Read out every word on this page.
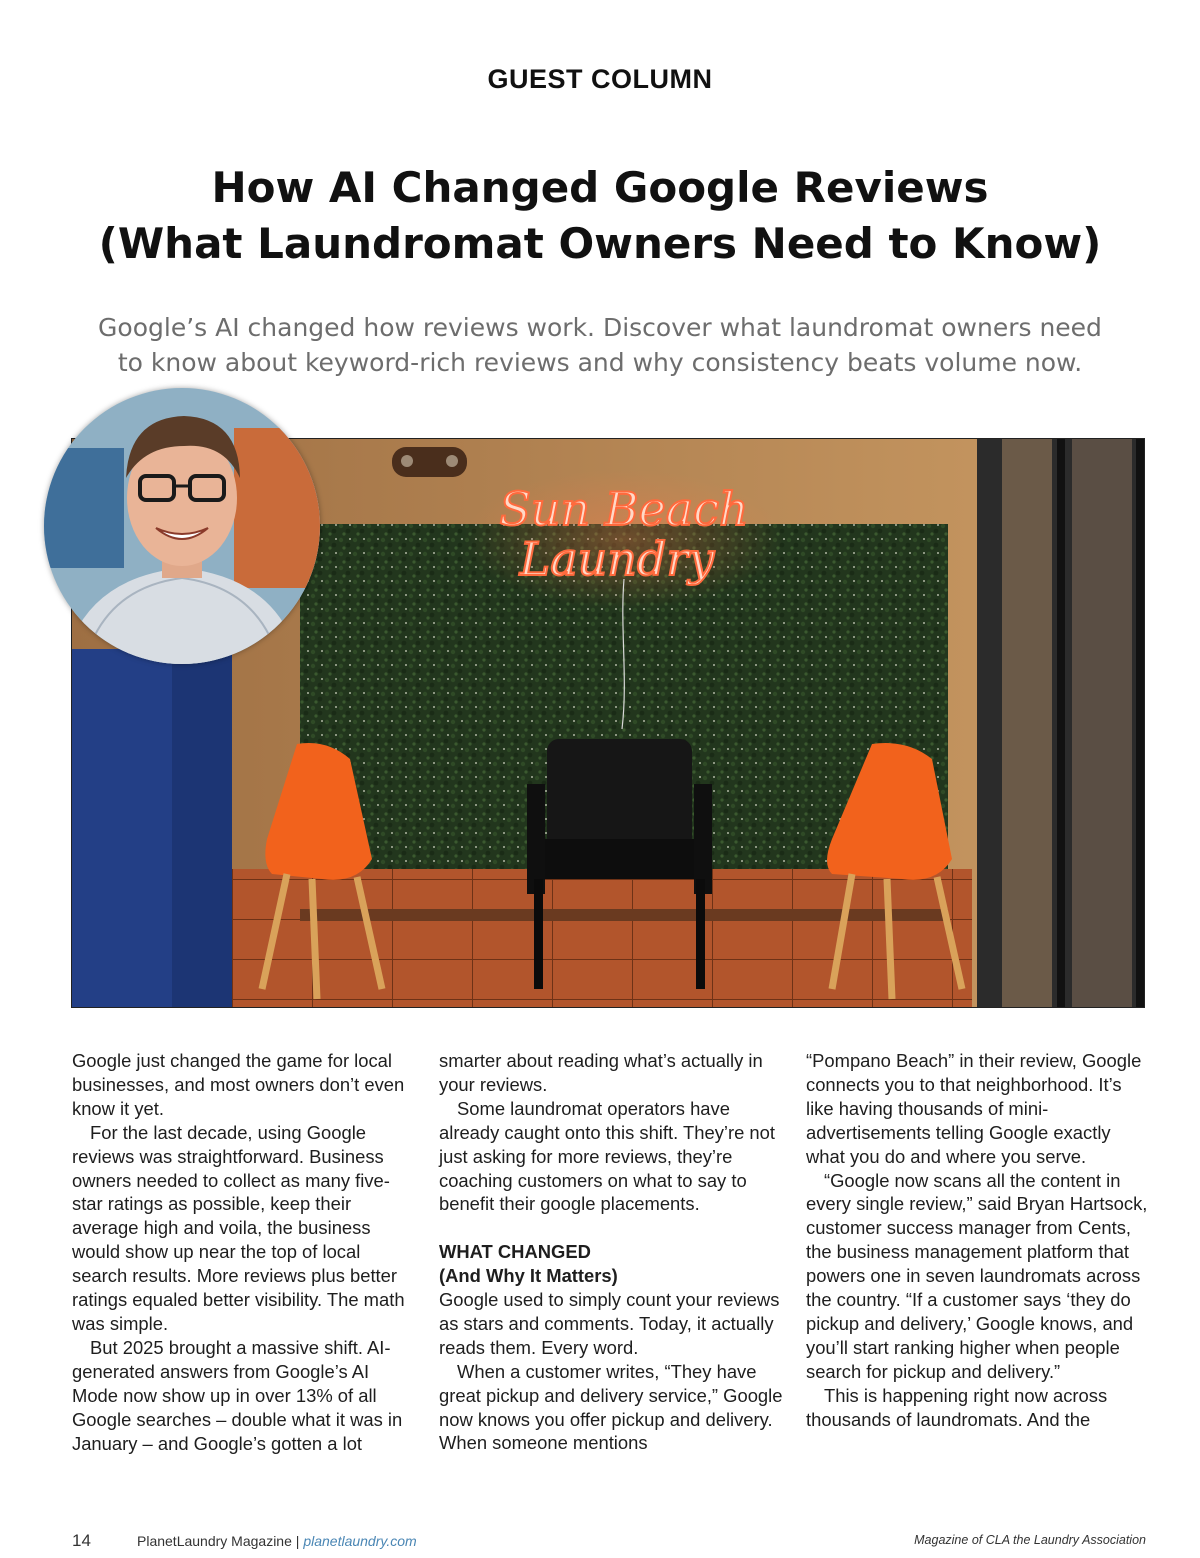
GUEST COLUMN
How AI Changed Google Reviews
(What Laundromat Owners Need to Know)

Google’s AI changed how reviews work. Discover what laundromat owners need
to know about keyword-rich reviews and why consistency beats volume now.

Sun Beach
Laundry

Google just changed the game for local businesses, and most owners don’t even know it yet.

For the last decade, using Google reviews was straightforward. Business owners needed to collect as many five-star ratings as possible, keep their average high and voila, the business would show up near the top of local search results. More reviews plus better ratings equaled better visibility. The math was simple.

But 2025 brought a massive shift. AI-generated answers from Google’s AI Mode now show up in over 13% of all Google searches – double what it was in January – and Google’s gotten a lot

smarter about reading what’s actually in your reviews.

Some laundromat operators have already caught onto this shift. They’re not just asking for more reviews, they’re coaching customers on what to say to benefit their google placements.

WHAT CHANGED
(And Why It Matters)

Google used to simply count your reviews as stars and comments. Today, it actually reads them. Every word.

When a customer writes, “They have great pickup and delivery service,” Google now knows you offer pickup and delivery. When someone mentions

“Pompano Beach” in their review, Google connects you to that neighborhood. It’s like having thousands of mini-advertisements telling Google exactly what you do and where you serve.

“Google now scans all the content in every single review,” said Bryan Hartsock, customer success manager from Cents, the business management platform that powers one in seven laundromats across the country. “If a customer says ‘they do pickup and delivery,’ Google knows, and you’ll start ranking higher when people search for pickup and delivery.”

This is happening right now across thousands of laundromats. And the

14	PlanetLaundry Magazine | planetlaundry.com	Magazine of CLA the Laundry Association
